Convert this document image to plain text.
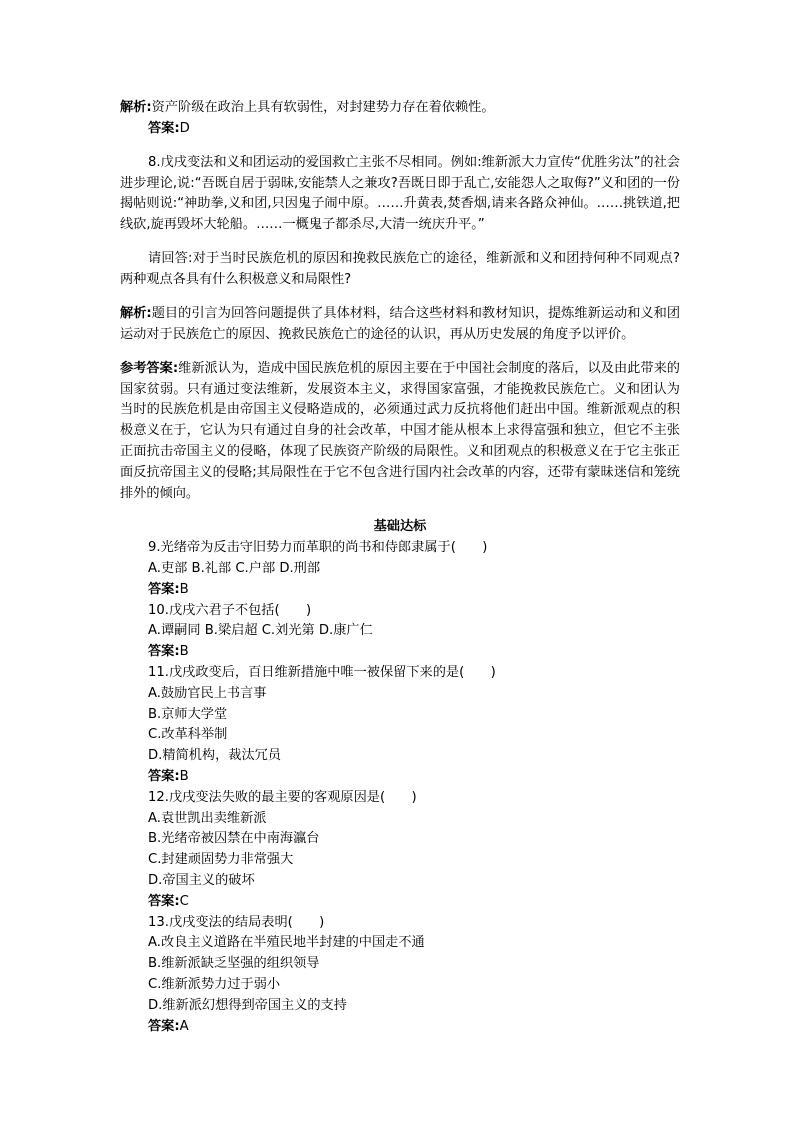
解析:资产阶级在政治上具有软弱性，对封建势力存在着依赖性。

答案:D

8.戊戌变法和义和团运动的爱国救亡主张不尽相同。例如:维新派大力宣传“优胜劣汰”的社会进步理论,说:“吾既自居于弱昧,安能禁人之兼攻?吾既日即于乱亡,安能怨人之取侮?”义和团的一份揭帖则说:“神助拳,义和团,只因鬼子闹中原。……升黄表,焚香烟,请来各路众神仙。……挑铁道,把线砍,旋再毁坏大轮船。……一概鬼子都杀尽,大清一统庆升平。”

请回答:对于当时民族危机的原因和挽救民族危亡的途径，维新派和义和团持何种不同观点?两种观点各具有什么积极意义和局限性?

解析:题目的引言为回答问题提供了具体材料，结合这些材料和教材知识，提炼维新运动和义和团运动对于民族危亡的原因、挽救民族危亡的途径的认识，再从历史发展的角度予以评价。

参考答案:维新派认为，造成中国民族危机的原因主要在于中国社会制度的落后，以及由此带来的国家贫弱。只有通过变法维新，发展资本主义，求得国家富强，才能挽救民族危亡。义和团认为当时的民族危机是由帝国主义侵略造成的，必须通过武力反抗将他们赶出中国。维新派观点的积极意义在于，它认为只有通过自身的社会改革，中国才能从根本上求得富强和独立，但它不主张正面抗击帝国主义的侵略，体现了民族资产阶级的局限性。义和团观点的积极意义在于它主张正面反抗帝国主义的侵略;其局限性在于它不包含进行国内社会改革的内容，还带有蒙昧迷信和笼统排外的倾向。

基础达标

9.光绪帝为反击守旧势力而革职的尚书和侍郎隶属于(　　)

A.吏部 B.礼部 C.户部 D.刑部

答案:B

10.戊戌六君子不包括(　　)

A.谭嗣同 B.梁启超 C.刘光第 D.康广仁

答案:B

11.戊戌政变后，百日维新措施中唯一被保留下来的是(　　)

A.鼓励官民上书言事

B.京师大学堂

C.改革科举制

D.精简机构，裁汰冗员

答案:B

12.戊戌变法失败的最主要的客观原因是(　　)

A.袁世凯出卖维新派

B.光绪帝被囚禁在中南海瀛台

C.封建顽固势力非常强大

D.帝国主义的破坏

答案:C

13.戊戌变法的结局表明(　　)

A.改良主义道路在半殖民地半封建的中国走不通

B.维新派缺乏坚强的组织领导

C.维新派势力过于弱小

D.维新派幻想得到帝国主义的支持

答案:A
